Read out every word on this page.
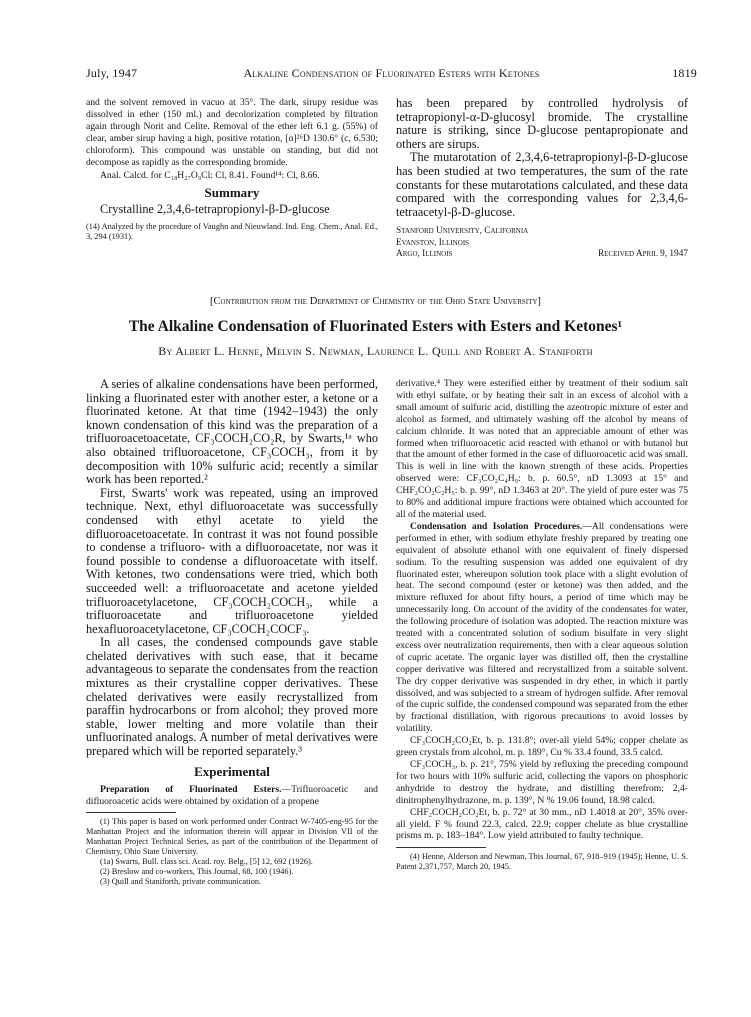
July, 1947	Alkaline Condensation of Fluorinated Esters with Ketones	1819

and the solvent removed in vacuo at 35°. The dark, sirupy residue was dissolved in ether (150 ml.) and decolorization completed by filtration again through Norit and Celite. Removal of the ether left 6.1 g. (55%) of clear, amber sirup having a high, positive rotation, [α]²⁶D 130.6° (c, 6.530; chloroform). This compound was unstable on standing, but did not decompose as rapidly as the corresponding bromide.

Anal. Calcd. for C₁₈H₂₇O₉Cl: Cl, 8.41. Found¹⁴: Cl, 8.66.

Summary

Crystalline 2,3,4,6-tetrapropionyl-β-D-glucose

(14) Analyzed by the procedure of Vaughn and Nieuwland. Ind. Eng. Chem., Anal. Ed., 3, 294 (1931).

has been prepared by controlled hydrolysis of tetrapropionyl-α-D-glucosyl bromide. The crystalline nature is striking, since D-glucose pentapropionate and others are sirups.

The mutarotation of 2,3,4,6-tetrapropionyl-β-D-glucose has been studied at two temperatures, the sum of the rate constants for these mutarotations calculated, and these data compared with the corresponding values for 2,3,4,6-tetraacetyl-β-D-glucose.

Stanford University, California
Evanston, Illinois
Argo, Illinois	Received April 9, 1947
[Contribution from the Department of Chemistry of the Ohio State University]
The Alkaline Condensation of Fluorinated Esters with Esters and Ketones¹
By Albert L. Henne, Melvin S. Newman, Laurence L. Quill and Robert A. Staniforth

A series of alkaline condensations have been performed, linking a fluorinated ester with another ester, a ketone or a fluorinated ketone. At that time (1942–1943) the only known condensation of this kind was the preparation of a trifluoroacetoacetate, CF₃COCH₂CO₂R, by Swarts,¹ᵃ who also obtained trifluoroacetone, CF₃COCH₃, from it by decomposition with 10% sulfuric acid; recently a similar work has been reported.²

First, Swarts' work was repeated, using an improved technique. Next, ethyl difluoroacetate was successfully condensed with ethyl acetate to yield the difluoroacetoacetate. In contrast it was not found possible to condense a trifluoro- with a difluoroacetate, nor was it found possible to condense a difluoroacetate with itself. With ketones, two condensations were tried, which both succeeded well: a trifluoroacetate and acetone yielded trifluoroacetylacetone, CF₃COCH₂COCH₃, while a trifluoroacetate and trifluoroacetone yielded hexafluoroacetylacetone, CF₃COCH₂COCF₃.

In all cases, the condensed compounds gave stable chelated derivatives with such ease, that it became advantageous to separate the condensates from the reaction mixtures as their crystalline copper derivatives. These chelated derivatives were easily recrystallized from paraffin hydrocarbons or from alcohol; they proved more stable, lower melting and more volatile than their unfluorinated analogs. A number of metal derivatives were prepared which will be reported separately.³

Experimental

Preparation of Fluorinated Esters.—Trifluoroacetic and difluoroacetic acids were obtained by oxidation of a propene

(1) This paper is based on work performed under Contract W-7405-eng-95 for the Manhattan Project and the information therein will appear in Division VII of the Manhattan Project Technical Series, as part of the contribution of the Department of Chemistry, Ohio State University.

(1a) Swarts, Bull. class sci. Acad. roy. Belg., [5] 12, 692 (1926).

(2) Breslow and co-workers, This Journal, 68, 100 (1946).

(3) Quill and Staniforth, private communication.

derivative.⁴ They were esterified either by treatment of their sodium salt with ethyl sulfate, or by heating their salt in an excess of alcohol with a small amount of sulfuric acid, distilling the azeotropic mixture of ester and alcohol as formed, and ultimately washing off the alcohol by means of calcium chloride. It was noted that an appreciable amount of ether was formed when trifluoroacetic acid reacted with ethanol or with butanol but that the amount of ether formed in the case of difluoroacetic acid was small. This is well in line with the known strength of these acids. Properties observed were: CF₃CO₂C₄H₉: b. p. 60.5°, nD 1.3093 at 15° and CHF₂CO₂C₂H₅: b. p. 99°, nD 1.3463 at 20°. The yield of pure ester was 75 to 80% and additional impure fractions were obtained which accounted for all of the material used.

Condensation and Isolation Procedures.—All condensations were performed in ether, with sodium ethylate freshly prepared by treating one equivalent of absolute ethanol with one equivalent of finely dispersed sodium. To the resulting suspension was added one equivalent of dry fluorinated ester, whereupon solution took place with a slight evolution of heat. The second compound (ester or ketone) was then added, and the mixture refluxed for about fifty hours, a period of time which may be unnecessarily long. On account of the avidity of the condensates for water, the following procedure of isolation was adopted. The reaction mixture was treated with a concentrated solution of sodium bisulfate in very slight excess over neutralization requirements, then with a clear aqueous solution of cupric acetate. The organic layer was distilled off, then the crystalline copper derivative was filtered and recrystallized from a suitable solvent. The dry copper derivative was suspended in dry ether, in which it partly dissolved, and was subjected to a stream of hydrogen sulfide. After removal of the cupric sulfide, the condensed compound was separated from the ether by fractional distillation, with rigorous precautions to avoid losses by volatility.

CF₃COCH₂CO₂Et, b. p. 131.8°; over-all yield 54%; copper chelate as green crystals from alcohol, m. p. 189°, Cu % 33.4 found, 33.5 calcd.

CF₃COCH₃, b. p. 21°, 75% yield by refluxing the preceding compound for two hours with 10% sulfuric acid, collecting the vapors on phosphoric anhydride to destroy the hydrate, and distilling therefrom; 2,4-dinitrophenylhydrazone, m. p. 139°, N % 19.06 found, 18.98 calcd.

CHF₂COCH₂CO₂Et, b. p. 72° at 30 mm., nD 1.4018 at 20°, 35% over-all yield. F % found 22.3, calcd. 22.9; copper chelate as blue crystalline prisms m. p. 183–184°. Low yield attributed to faulty technique.

(4) Henne, Alderson and Newman, This Journal, 67, 918–919 (1945); Henne, U. S. Patent 2,371,757, March 20, 1945.
